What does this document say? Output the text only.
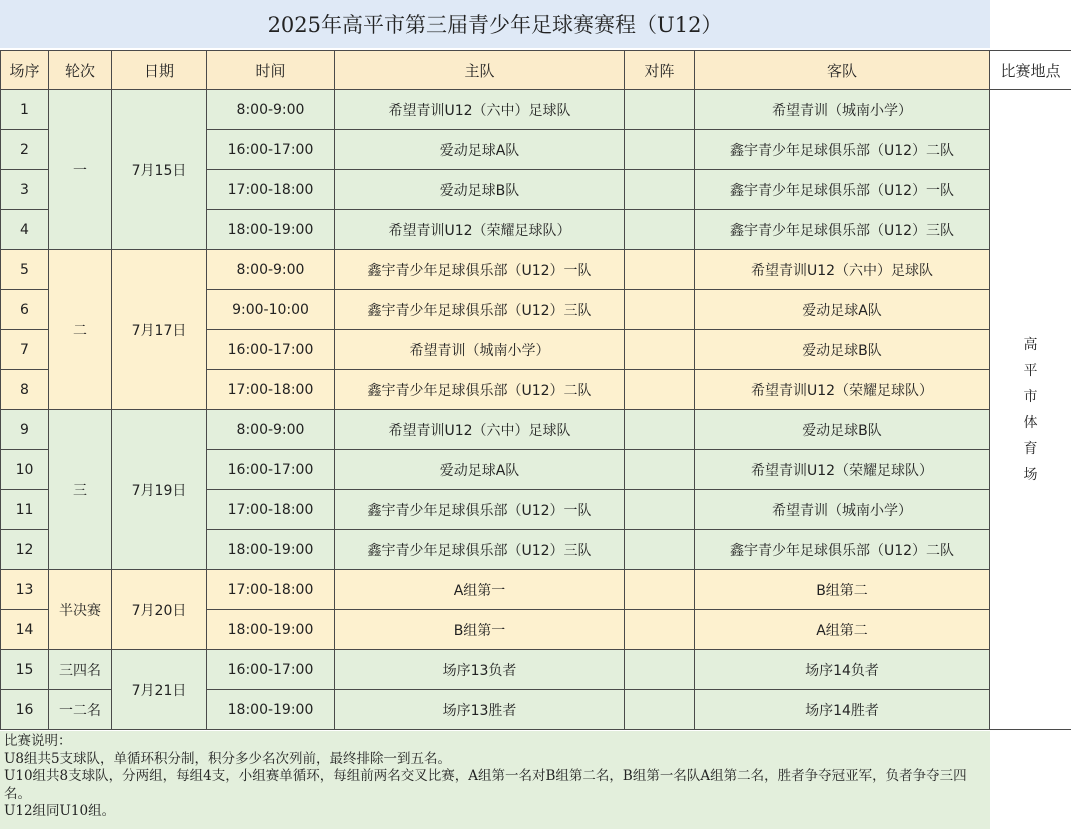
2025年高平市第三届青少年足球赛赛程（U12）
场序	轮次	日期	时间	主队	对阵	客队	比赛地点
1	一	7月15日	8:00-9:00	希望青训U12（六中）足球队		希望青训（城南小学）	高平市体育场
2			16:00-17:00	爱动足球A队		鑫宇青少年足球俱乐部（U12）二队	
3			17:00-18:00	爱动足球B队		鑫宇青少年足球俱乐部（U12）一队	
4			18:00-19:00	希望青训U12（荣耀足球队）		鑫宇青少年足球俱乐部（U12）三队	
5	二	7月17日	8:00-9:00	鑫宇青少年足球俱乐部（U12）一队		希望青训U12（六中）足球队	
6			9:00-10:00	鑫宇青少年足球俱乐部（U12）三队		爱动足球A队	
7			16:00-17:00	希望青训（城南小学）		爱动足球B队	
8			17:00-18:00	鑫宇青少年足球俱乐部（U12）二队		希望青训U12（荣耀足球队）	
9	三	7月19日	8:00-9:00	希望青训U12（六中）足球队		爱动足球B队	
10			16:00-17:00	爱动足球A队		希望青训U12（荣耀足球队）	
11			17:00-18:00	鑫宇青少年足球俱乐部（U12）一队		希望青训（城南小学）	
12			18:00-19:00	鑫宇青少年足球俱乐部（U12）三队		鑫宇青少年足球俱乐部（U12）二队	
13	半决赛	7月20日	17:00-18:00	A组第一		B组第二	
14			18:00-19:00	B组第一		A组第二	
15	三四名	7月21日	16:00-17:00	场序13负者		场序14负者	
16	一二名		18:00-19:00	场序13胜者		场序14胜者	
比赛说明：
U8组共5支球队，单循环积分制，积分多少名次列前，最终排除一到五名。
U10组共8支球队，分两组，每组4支，小组赛单循环，每组前两名交叉比赛，A组第一名对B组第二名，B组第一名队A组第二名，胜者争夺冠亚军，负者争夺三四名。
U12组同U10组。
